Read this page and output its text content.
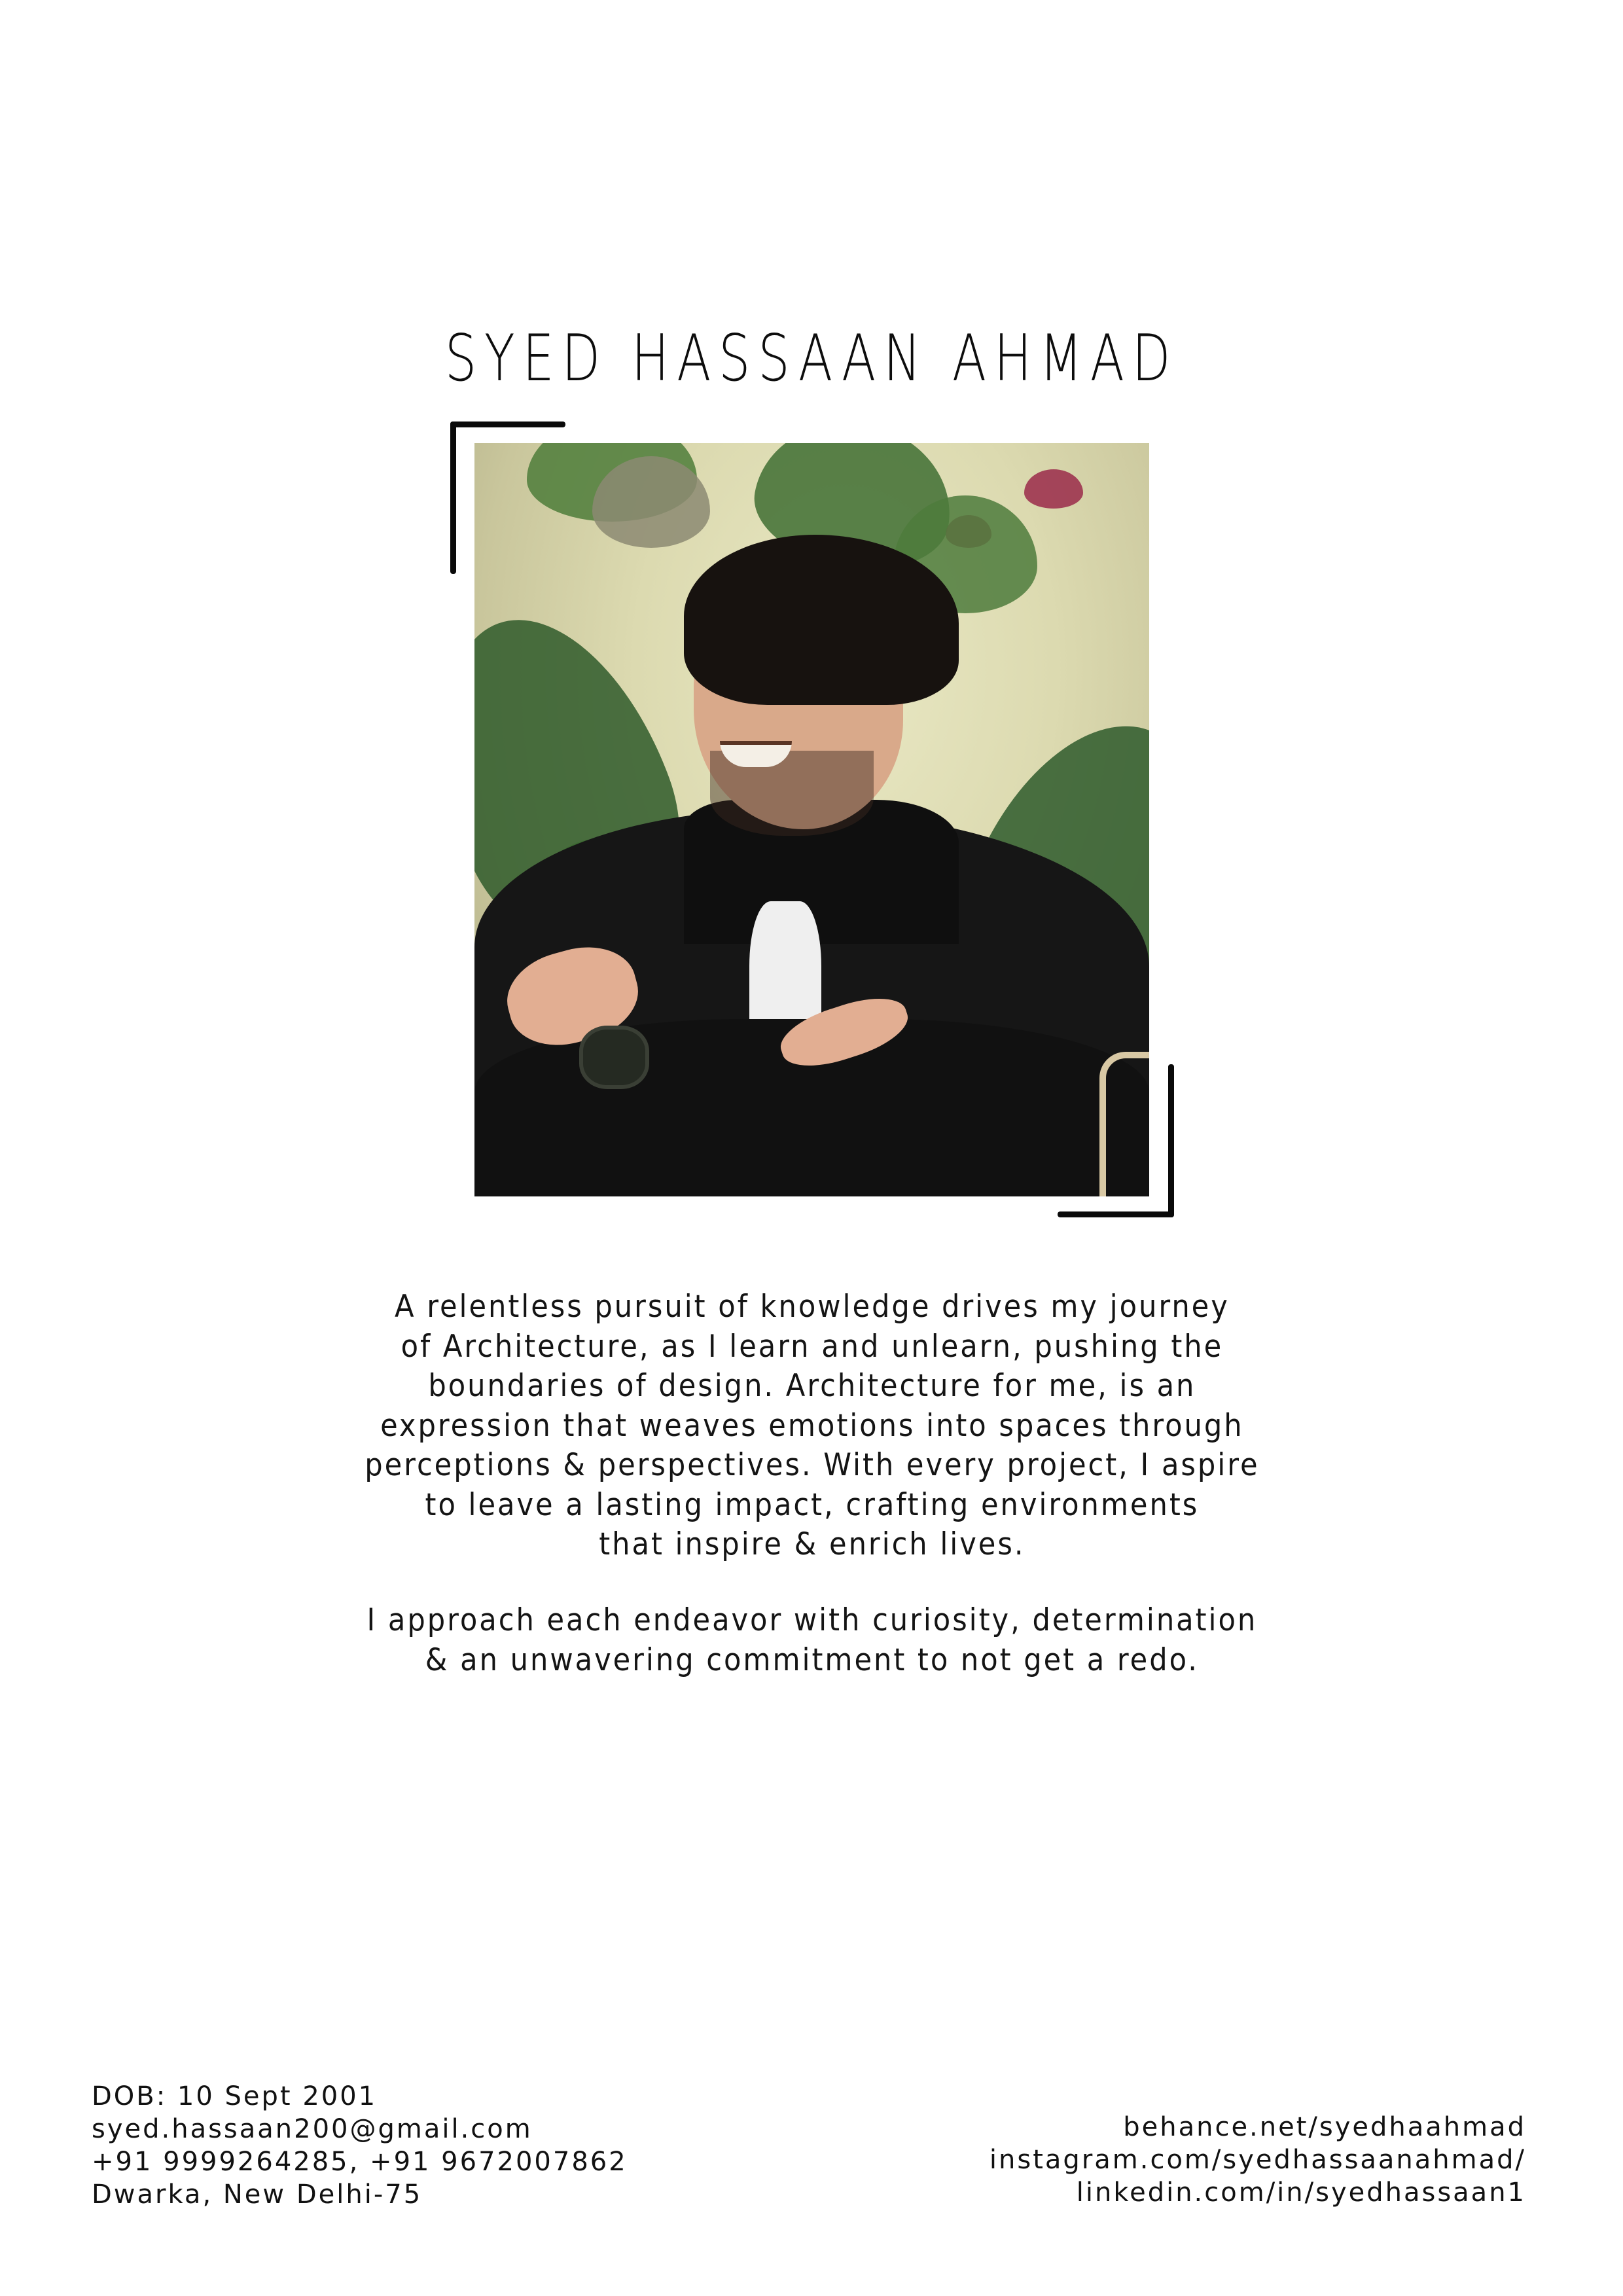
SYED HASSAAN AHMAD
A relentless pursuit of knowledge drives my journey
of Architecture, as I learn and unlearn, pushing the
boundaries of design. Architecture for me, is an
expression that weaves emotions into spaces through
perceptions & perspectives. With every project, I aspire
to leave a lasting impact, crafting environments
that inspire & enrich lives.
I approach each endeavor with curiosity, determination
& an unwavering commitment to not get a redo.
DOB: 10 Sept 2001
syed.hassaan200@gmail.com
+91 9999264285, +91 9672007862
Dwarka, New Delhi-75
behance.net/syedhaahmad
instagram.com/syedhassaanahmad/
linkedin.com/in/syedhassaan1
